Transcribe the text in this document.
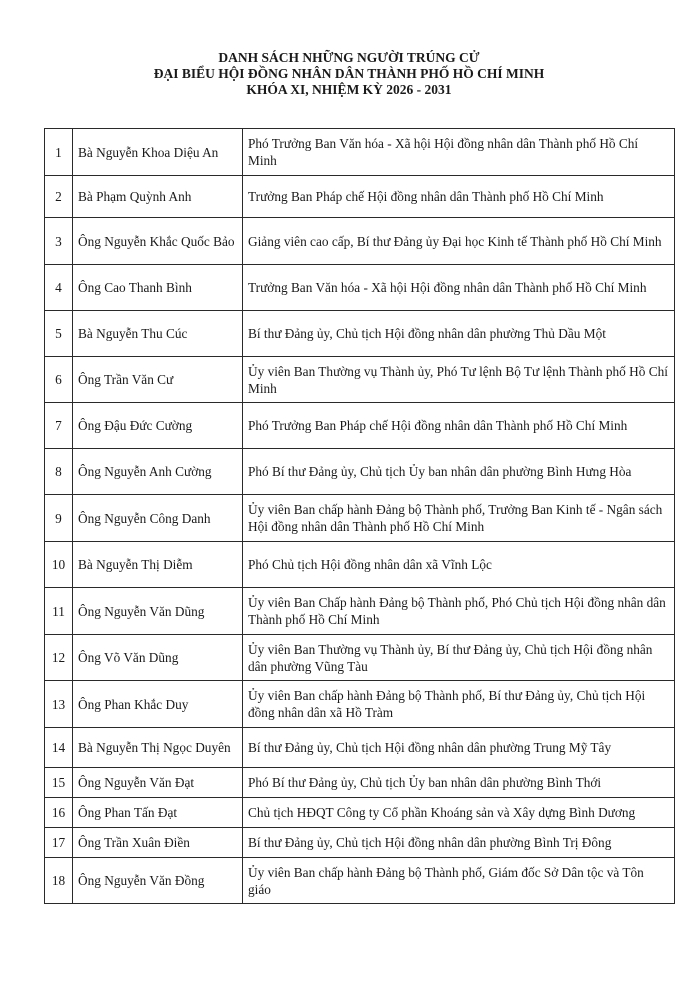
DANH SÁCH NHỮNG NGƯỜI TRÚNG CỬ
ĐẠI BIỂU HỘI ĐỒNG NHÂN DÂN THÀNH PHỐ HỒ CHÍ MINH
KHÓA XI, NHIỆM KỲ 2026 - 2031
1	Bà Nguyễn Khoa Diệu An	Phó Trưởng Ban Văn hóa - Xã hội Hội đồng nhân dân Thành phố Hồ Chí Minh
2	Bà Phạm Quỳnh Anh	Trưởng Ban Pháp chế Hội đồng nhân dân Thành phố Hồ Chí Minh
3	Ông Nguyễn Khắc Quốc Bảo	Giảng viên cao cấp, Bí thư Đảng ủy Đại học Kinh tế Thành phố Hồ Chí Minh
4	Ông Cao Thanh Bình	Trưởng Ban Văn hóa - Xã hội Hội đồng nhân dân Thành phố Hồ Chí Minh
5	Bà Nguyễn Thu Cúc	Bí thư Đảng ủy, Chủ tịch Hội đồng nhân dân phường Thủ Dầu Một
6	Ông Trần Văn Cư	Ủy viên Ban Thường vụ Thành ủy, Phó Tư lệnh Bộ Tư lệnh Thành phố Hồ Chí Minh
7	Ông Đậu Đức Cường	Phó Trưởng Ban Pháp chế Hội đồng nhân dân Thành phố Hồ Chí Minh
8	Ông Nguyễn Anh Cường	Phó Bí thư Đảng ủy, Chủ tịch Ủy ban nhân dân phường Bình Hưng Hòa
9	Ông Nguyễn Công Danh	Ủy viên Ban chấp hành Đảng bộ Thành phố, Trưởng Ban Kinh tế - Ngân sách Hội đồng nhân dân Thành phố Hồ Chí Minh
10	Bà Nguyễn Thị Diễm	Phó Chủ tịch Hội đồng nhân dân xã Vĩnh Lộc
11	Ông Nguyễn Văn Dũng	Ủy viên Ban Chấp hành Đảng bộ Thành phố, Phó Chủ tịch Hội đồng nhân dân Thành phố Hồ Chí Minh
12	Ông Võ Văn Dũng	Ủy viên Ban Thường vụ Thành ủy, Bí thư Đảng ủy, Chủ tịch Hội đồng nhân dân phường Vũng Tàu
13	Ông Phan Khắc Duy	Ủy viên Ban chấp hành Đảng bộ Thành phố, Bí thư Đảng ủy, Chủ tịch Hội đồng nhân dân xã Hồ Tràm
14	Bà Nguyễn Thị Ngọc Duyên	Bí thư Đảng ủy, Chủ tịch Hội đồng nhân dân phường Trung Mỹ Tây
15	Ông Nguyễn Văn Đạt	Phó Bí thư Đảng ủy, Chủ tịch Ủy ban nhân dân phường Bình Thới
16	Ông Phan Tấn Đạt	Chủ tịch HĐQT Công ty Cổ phần Khoáng sản và Xây dựng Bình Dương
17	Ông Trần Xuân Điền	Bí thư Đảng ủy, Chủ tịch Hội đồng nhân dân phường Bình Trị Đông
18	Ông Nguyễn Văn Đồng	Ủy viên Ban chấp hành Đảng bộ Thành phố, Giám đốc Sở Dân tộc và Tôn giáo
